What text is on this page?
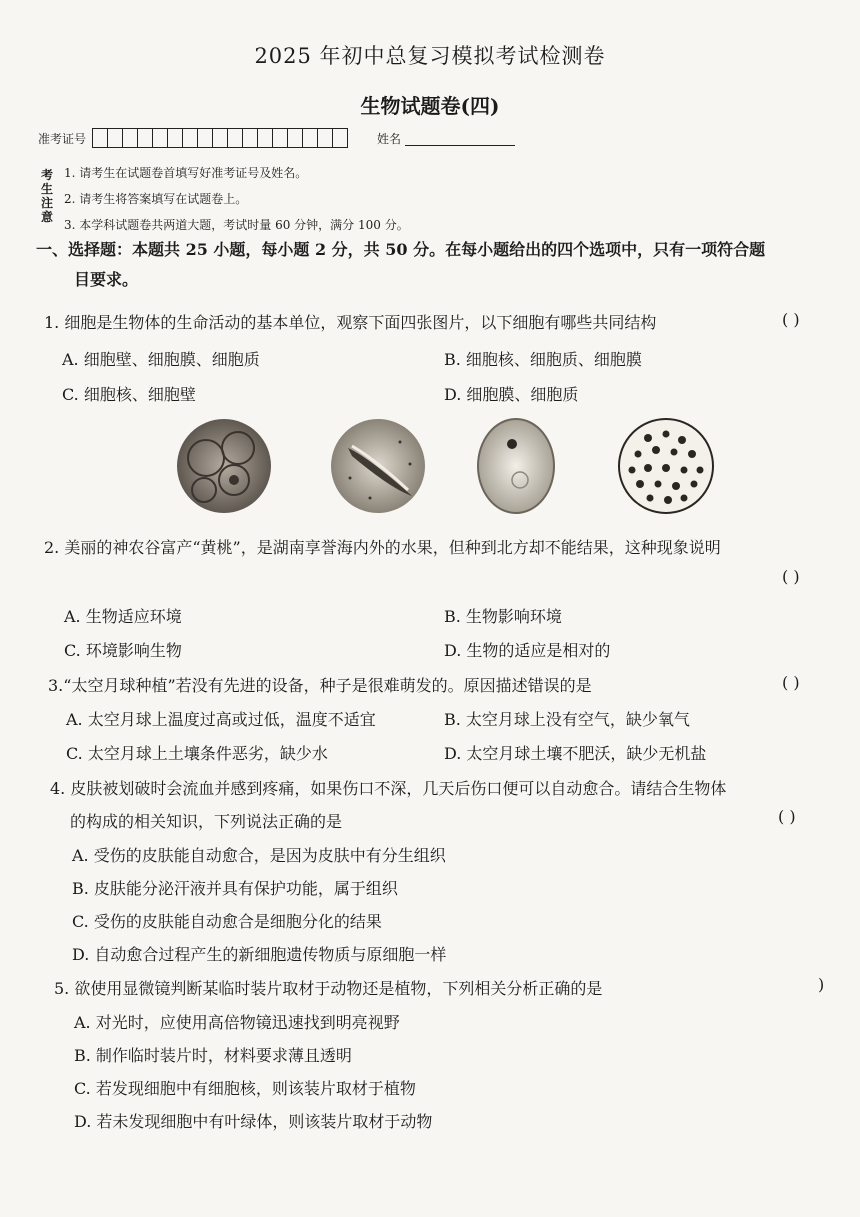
2025 年初中总复习模拟考试检测卷
生物试题卷(四)
准考证号	姓名
考生注意
1. 请考生在试题卷首填写好准考证号及姓名。
2. 请考生将答案填写在试题卷上。
3. 本学科试题卷共两道大题，考试时量 60 分钟，满分 100 分。
一、选择题：本题共 25 小题，每小题 2 分，共 50 分。在每小题给出的四个选项中，只有一项符合题
目要求。
1. 细胞是生物体的生命活动的基本单位，观察下面四张图片，以下细胞有哪些共同结构	( )
A. 细胞壁、细胞膜、细胞质	B. 细胞核、细胞质、细胞膜
C. 细胞核、细胞壁	D. 细胞膜、细胞质
2. 美丽的神农谷富产“黄桃”，是湖南享誉海内外的水果，但种到北方却不能结果，这种现象说明
( )
A. 生物适应环境	B. 生物影响环境
C. 环境影响生物	D. 生物的适应是相对的
3.“太空月球种植”若没有先进的设备，种子是很难萌发的。原因描述错误的是	( )
A. 太空月球上温度过高或过低，温度不适宜	B. 太空月球上没有空气，缺少氧气
C. 太空月球上土壤条件恶劣，缺少水	D. 太空月球土壤不肥沃，缺少无机盐
4. 皮肤被划破时会流血并感到疼痛，如果伤口不深，几天后伤口便可以自动愈合。请结合生物体
的构成的相关知识，下列说法正确的是	( )
A. 受伤的皮肤能自动愈合，是因为皮肤中有分生组织
B. 皮肤能分泌汗液并具有保护功能，属于组织
C. 受伤的皮肤能自动愈合是细胞分化的结果
D. 自动愈合过程产生的新细胞遗传物质与原细胞一样
5. 欲使用显微镜判断某临时装片取材于动物还是植物，下列相关分析正确的是	)
A. 对光时，应使用高倍物镜迅速找到明亮视野
B. 制作临时装片时，材料要求薄且透明
C. 若发现细胞中有细胞核，则该装片取材于植物
D. 若未发现细胞中有叶绿体，则该装片取材于动物
